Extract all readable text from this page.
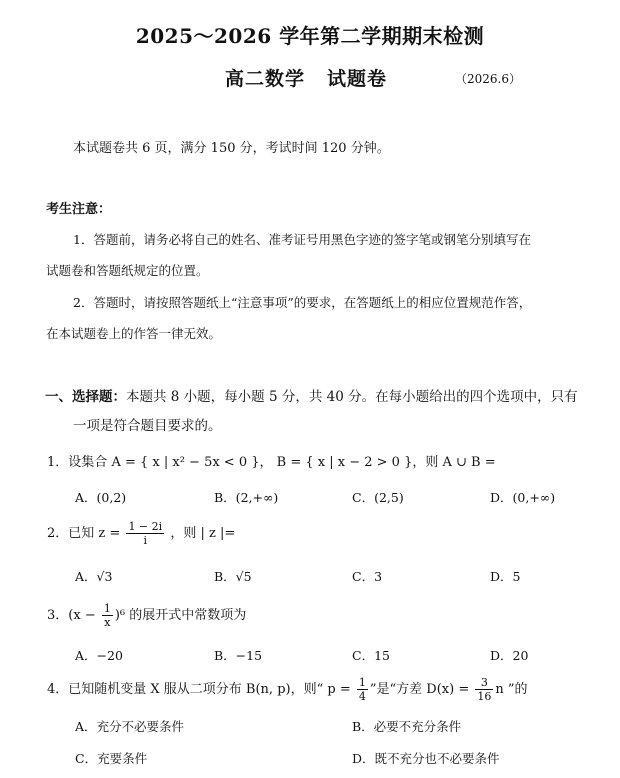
2025～2026 学年第二学期期末检测
高二数学 试题卷	（2026.6）
本试题卷共 6 页，满分 150 分，考试时间 120 分钟。
考生注意：
1．答题前，请务必将自己的姓名、准考证号用黑色字迹的签字笔或钢笔分别填写在
试题卷和答题纸规定的位置。
2．答题时，请按照答题纸上“注意事项”的要求，在答题纸上的相应位置规范作答，
在本试题卷上的作答一律无效。
一、选择题：本题共 8 小题，每小题 5 分，共 40 分。在每小题给出的四个选项中，只有
一项是符合题目要求的。
1．设集合 A = { x | x² − 5x < 0 }， B = { x | x − 2 > 0 }，则 A ∪ B =
A．(0,2)	B．(2,+∞)	C．(2,5)	D．(0,+∞)
2．已知 $z = \frac{1 - 2i}{i}$ ，则 | z |=
A．√3	B．√5	C．3	D．5
3．$(x - \frac{1}{x} )^6$ 的展开式中常数项为
A．−20	B．−15	C．15	D．20
4．已知随机变量 X 服从二项分布 B(n, p)，则“ $p = \frac{1}{4}$ ”是“方差 $D(x) = \frac{3}{16}$ n ”的
A．充分不必要条件	B．必要不充分条件
C．充要条件	D．既不充分也不必要条件
